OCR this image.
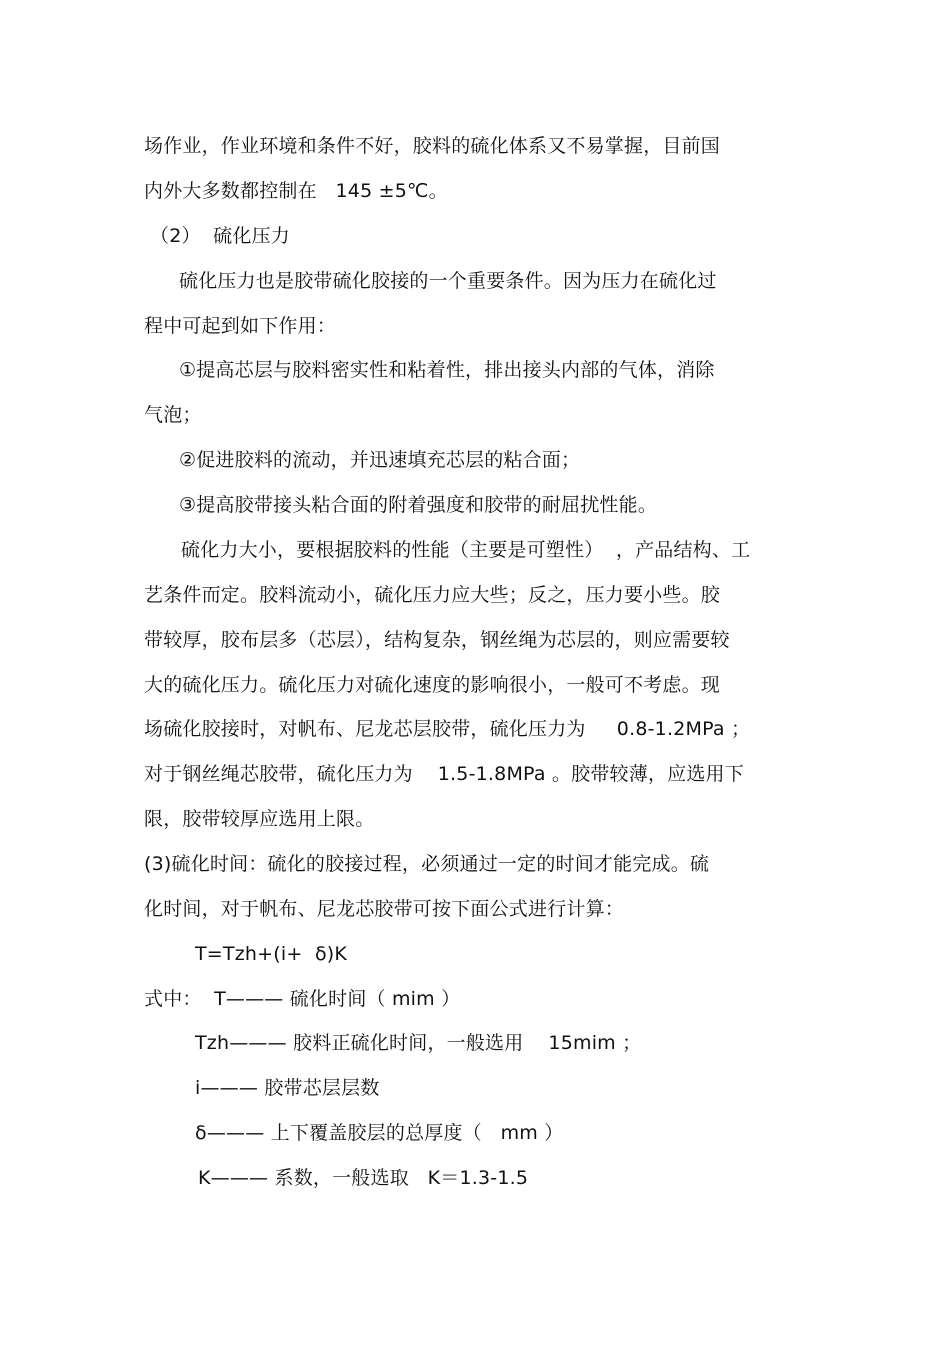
场作业，作业环境和条件不好，胶料的硫化体系又不易掌握，目前国
内外大多数都控制在   145 ±5℃。
（2）  硫化压力
硫化压力也是胶带硫化胶接的一个重要条件。因为压力在硫化过
程中可起到如下作用：
①提高芯层与胶料密实性和粘着性，排出接头内部的气体，消除
气泡；
②促进胶料的流动，并迅速填充芯层的粘合面；
③提高胶带接头粘合面的附着强度和胶带的耐屈扰性能。
硫化力大小，要根据胶料的性能（主要是可塑性）  ，产品结构、工
艺条件而定。胶料流动小，硫化压力应大些；反之，压力要小些。胶
带较厚，胶布层多（芯层），结构复杂，钢丝绳为芯层的，则应需要较
大的硫化压力。硫化压力对硫化速度的影响很小，一般可不考虑。现
场硫化胶接时，对帆布、尼龙芯层胶带，硫化压力为     0.8-1.2MPa ；
对于钢丝绳芯胶带，硫化压力为    1.5-1.8MPa 。胶带较薄，应选用下
限，胶带较厚应选用上限。
(3)硫化时间：硫化的胶接过程，必须通过一定的时间才能完成。硫
化时间，对于帆布、尼龙芯胶带可按下面公式进行计算：
T=Tzh+(i+  δ)K
式中：  T——— 硫化时间（ mim ）
Tzh——— 胶料正硫化时间，一般选用    15mim ；
i——— 胶带芯层层数
δ——— 上下覆盖胶层的总厚度（   mm ）
K——— 系数，一般选取   K＝1.3-1.5
